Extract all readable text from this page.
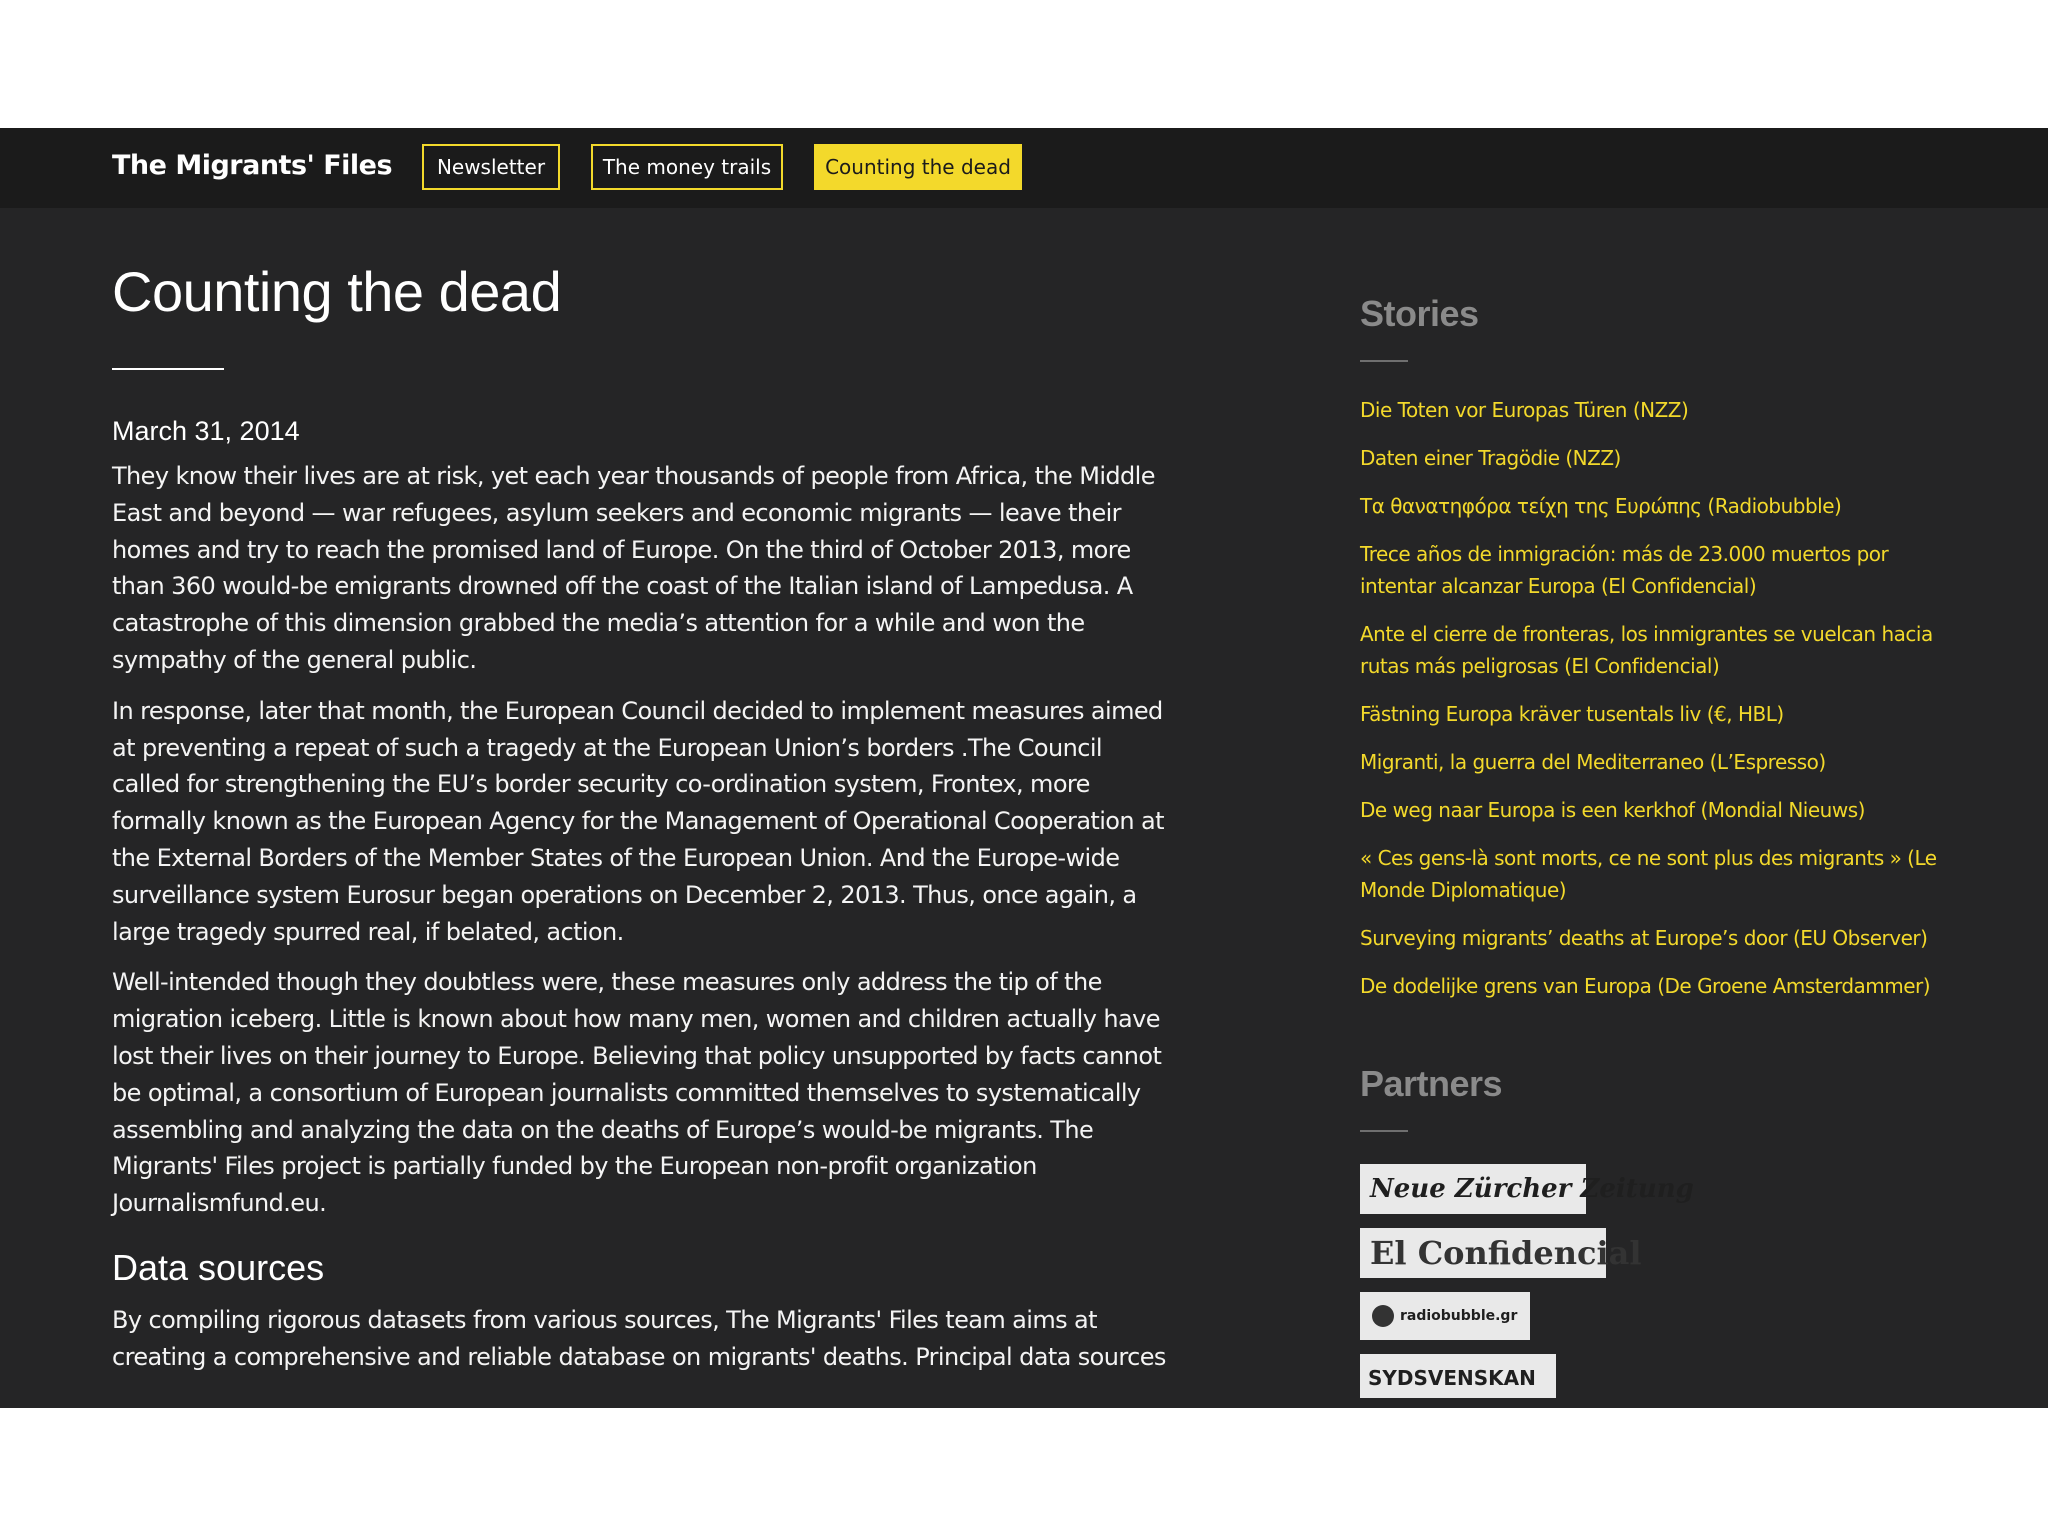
The Migrants' Files	Newsletter	The money trails	Counting the dead
Counting the dead
March 31, 2014

They know their lives are at risk, yet each year thousands of people from Africa, the Middle East and beyond — war refugees, asylum seekers and economic migrants — leave their homes and try to reach the promised land of Europe. On the third of October 2013, more than 360 would-be emigrants drowned off the coast of the Italian island of Lampedusa. A catastrophe of this dimension grabbed the media’s attention for a while and won the sympathy of the general public.

In response, later that month, the European Council decided to implement measures aimed at preventing a repeat of such a tragedy at the European Union’s borders .The Council called for strengthening the EU’s border security co-ordination system, Frontex, more formally known as the European Agency for the Management of Operational Cooperation at the External Borders of the Member States of the European Union. And the Europe-wide surveillance system Eurosur began operations on December 2, 2013. Thus, once again, a large tragedy spurred real, if belated, action.

Well-intended though they doubtless were, these measures only address the tip of the migration iceberg. Little is known about how many men, women and children actually have lost their lives on their journey to Europe. Believing that policy unsupported by facts cannot be optimal, a consortium of European journalists committed themselves to systematically assembling and analyzing the data on the deaths of Europe’s would-be migrants. The Migrants' Files project is partially funded by the European non-profit organization Journalismfund.eu.

Data sources

By compiling rigorous datasets from various sources, The Migrants' Files team aims at creating a comprehensive and reliable database on migrants' deaths. Principal data sources

Stories
Die Toten vor Europas Türen (NZZ)
Daten einer Tragödie (NZZ)
Τα θανατηφόρα τείχη της Ευρώπης (Radiobubble)
Trece años de inmigración: más de 23.000 muertos por intentar alcanzar Europa (El Confidencial)
Ante el cierre de fronteras, los inmigrantes se vuelcan hacia rutas más peligrosas (El Confidencial)
Fästning Europa kräver tusentals liv (€, HBL)
Migranti, la guerra del Mediterraneo (L’Espresso)
De weg naar Europa is een kerkhof (Mondial Nieuws)
« Ces gens-là sont morts, ce ne sont plus des migrants » (Le Monde Diplomatique)
Surveying migrants’ deaths at Europe’s door (EU Observer)
De dodelijke grens van Europa (De Groene Amsterdammer)
Partners
Neue Zürcher Zeitung
El Confidencial
radiobubble.gr
SYDSVENSKAN
